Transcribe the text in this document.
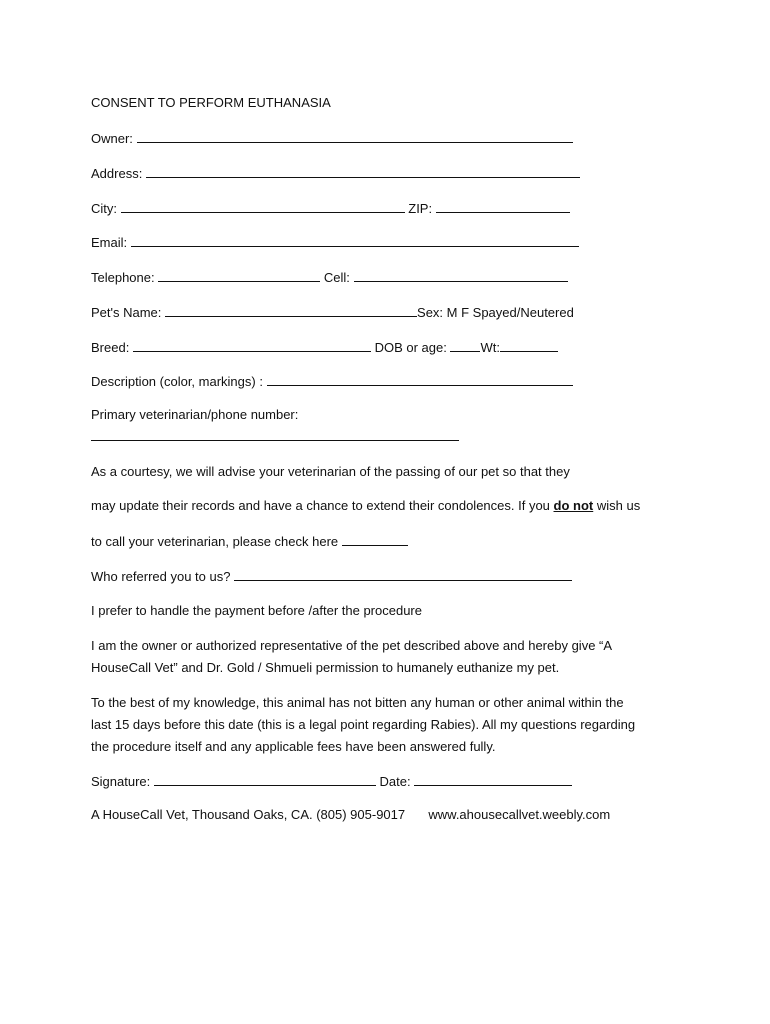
CONSENT TO PERFORM EUTHANASIA
Owner:
Address:
City:	ZIP:
Email:
Telephone:	Cell:
Pet's Name:	Sex: M F Spayed/Neutered
Breed:	DOB or age:	Wt:
Description (color, markings) :
Primary veterinarian/phone number:
As a courtesy, we will advise your veterinarian of the passing of our pet so that they
may update their records and have a chance to extend their condolences. If you do not wish us
to call your veterinarian, please check here
Who referred you to us?
I prefer to handle the payment before /after the procedure
I am the owner or authorized representative of the pet described above and hereby give “A
HouseCall Vet” and Dr. Gold / Shmueli permission to humanely euthanize my pet.
To the best of my knowledge, this animal has not bitten any human or other animal within the
last 15 days before this date (this is a legal point regarding Rabies). All my questions regarding
the procedure itself and any applicable fees have been answered fully.
Signature:	Date:
A HouseCall Vet, Thousand Oaks, CA. (805) 905-9017 www.ahousecallvet.weebly.com
